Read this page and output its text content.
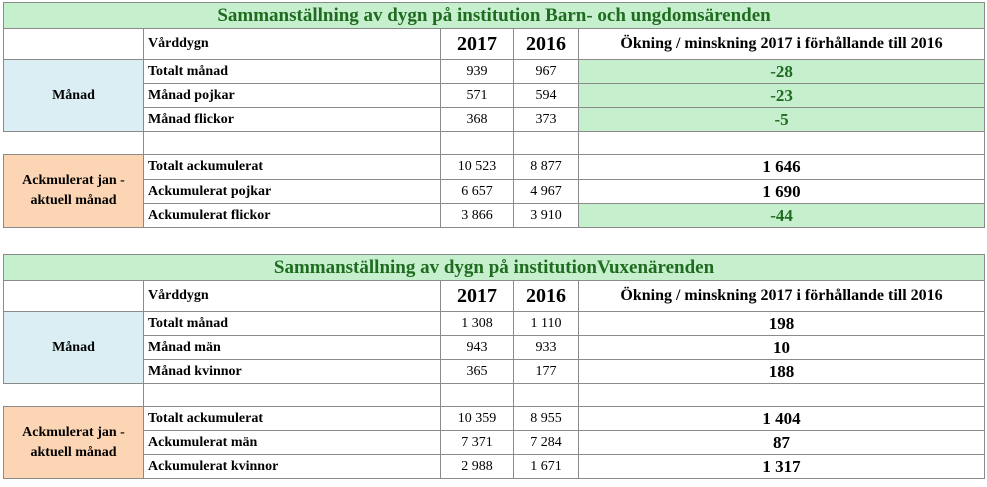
Sammanställning av dygn på institution Barn- och ungdomsärenden				
	Vårddygn	2017	2016	Ökning / minskning 2017 i förhållande till 2016
Månad	Totalt månad	939	967	-28
	Månad pojkar	571	594	-23
	Månad flickor	368	373	-5

Ackmulerat jan - aktuell månad	Totalt ackumulerat	10 523	8 877	1 646
	Ackumulerat pojkar	6 657	4 967	1 690
	Ackumulerat flickor	3 866	3 910	-44
Sammanställning av dygn på institutionVuxenärenden				
	Vårddygn	2017	2016	Ökning / minskning 2017 i förhållande till 2016
Månad	Totalt månad	1 308	1 110	198
	Månad män	943	933	10
	Månad kvinnor	365	177	188

Ackmulerat jan - aktuell månad	Totalt ackumulerat	10 359	8 955	1 404
	Ackumulerat män	7 371	7 284	87
	Ackumulerat kvinnor	2 988	1 671	1 317
